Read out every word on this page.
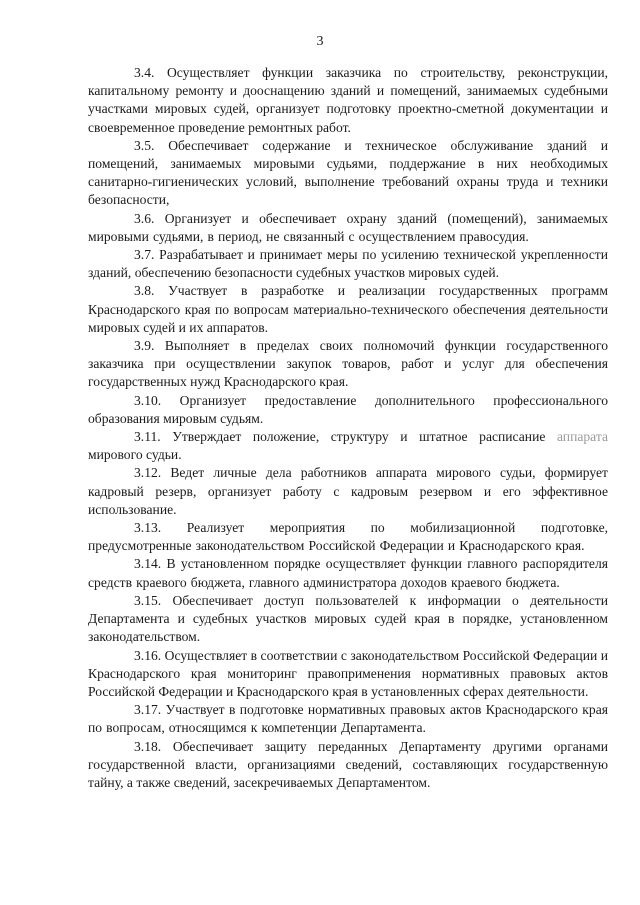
3

3.4. Осуществляет функции заказчика по строительству, реконструкции, капитальному ремонту и дооснащению зданий и помещений, занимаемых судебными участками мировых судей, организует подготовку проектно-сметной документации и своевременное проведение ремонтных работ.

3.5. Обеспечивает содержание и техническое обслуживание зданий и помещений, занимаемых мировыми судьями, поддержание в них необходимых санитарно-гигиенических условий, выполнение требований охраны труда и техники безопасности,

3.6. Организует и обеспечивает охрану зданий (помещений), занимаемых мировыми судьями, в период, не связанный с осуществлением правосудия.

3.7. Разрабатывает и принимает меры по усилению технической укрепленности зданий, обеспечению безопасности судебных участков мировых судей.

3.8. Участвует в разработке и реализации государственных программ Краснодарского края по вопросам материально-технического обеспечения деятельности мировых судей и их аппаратов.

3.9. Выполняет в пределах своих полномочий функции государственного заказчика при осуществлении закупок товаров, работ и услуг для обеспечения государственных нужд Краснодарского края.

3.10. Организует предоставление дополнительного профессионального образования мировым судьям.

3.11. Утверждает положение, структуру и штатное расписание аппарата мирового судьи.

3.12. Ведет личные дела работников аппарата мирового судьи, формирует кадровый резерв, организует работу с кадровым резервом и его эффективное использование.

3.13. Реализует мероприятия по мобилизационной подготовке, предусмотренные законодательством Российской Федерации и Краснодарского края.

3.14. В установленном порядке осуществляет функции главного распорядителя средств краевого бюджета, главного администратора доходов краевого бюджета.

3.15. Обеспечивает доступ пользователей к информации о деятельности Департамента и судебных участков мировых судей края в порядке, установленном законодательством.

3.16. Осуществляет в соответствии с законодательством Российской Федерации и Краснодарского края мониторинг правоприменения нормативных правовых актов Российской Федерации и Краснодарского края в установленных сферах деятельности.

3.17. Участвует в подготовке нормативных правовых актов Краснодарского края по вопросам, относящимся к компетенции Департамента.

3.18. Обеспечивает защиту переданных Департаменту другими органами государственной власти, организациями сведений, составляющих государственную тайну, а также сведений, засекречиваемых Департаментом.
